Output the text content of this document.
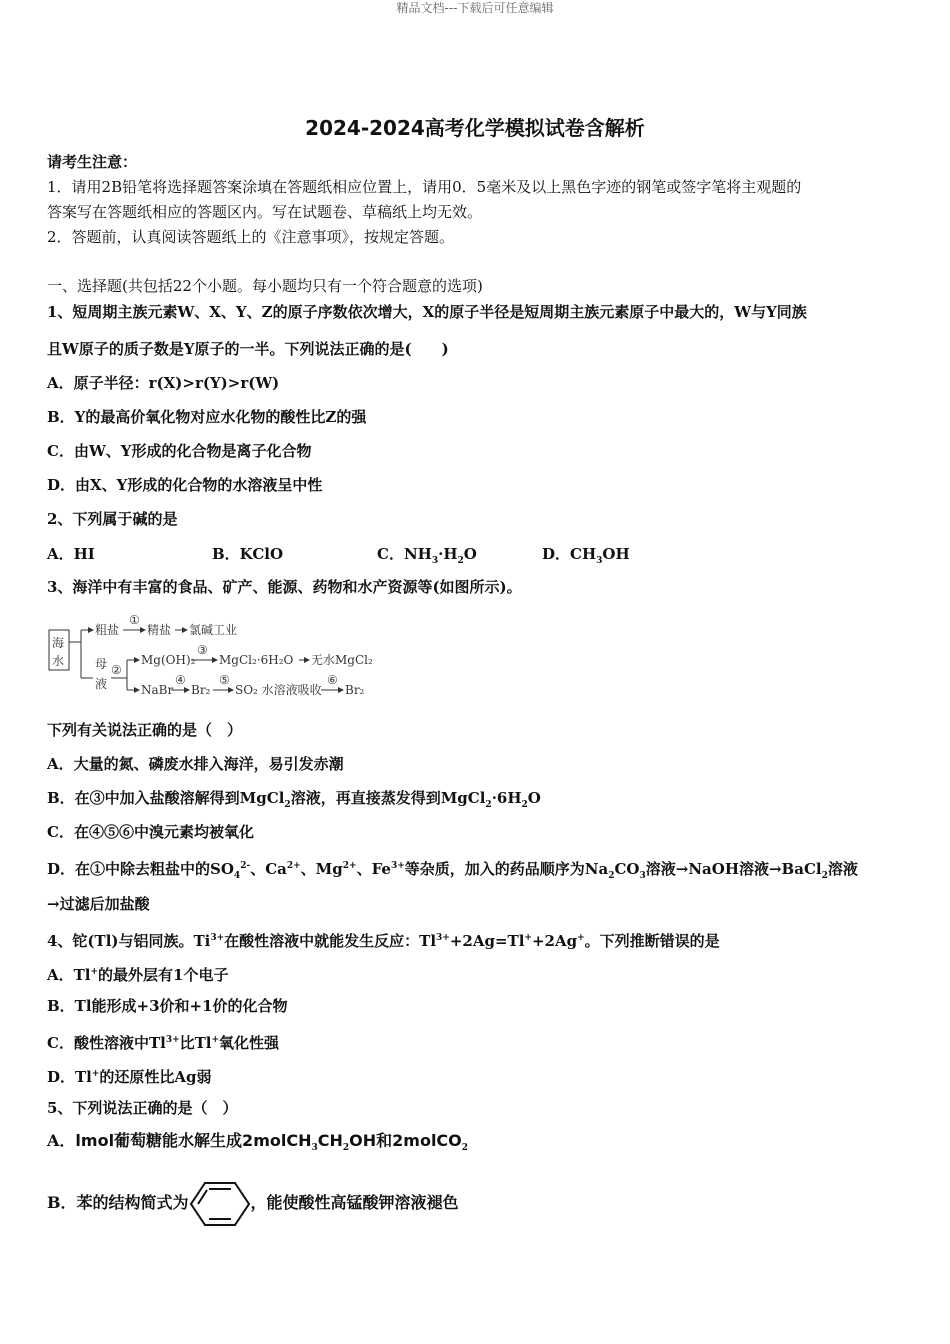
精品文档---下载后可任意编辑
2024-2024高考化学模拟试卷含解析
请考生注意：
1．请用2B铅笔将选择题答案涂填在答题纸相应位置上，请用0．5毫米及以上黑色字迹的钢笔或签字笔将主观题的
答案写在答题纸相应的答题区内。写在试题卷、草稿纸上均无效。
2．答题前，认真阅读答题纸上的《注意事项》，按规定答题。
一、选择题(共包括22个小题。每小题均只有一个符合题意的选项)
1、短周期主族元素W、X、Y、Z的原子序数依次增大，X的原子半径是短周期主族元素原子中最大的，W与Y同族
且W原子的质子数是Y原子的一半。下列说法正确的是(　　)
A．原子半径：r(X)>r(Y)>r(W)
B．Y的最高价氧化物对应水化物的酸性比Z的强
C．由W、Y形成的化合物是离子化合物
D．由X、Y形成的化合物的水溶液呈中性
2、下列属于碱的是
A．HI	B．KClO	C．$NH_3\cdot H_2O$	D．$CH_3OH$
3、海洋中有丰富的食品、矿产、能源、药物和水产资源等(如图所示)。
海
水
粗盐
①
精盐 氯碱工业
母
液
②
Mg(OH)₂
③
MgCl₂·6H₂O 无水MgCl₂
NaBr
④
Br₂
⑤
SO₂ 水溶液吸收
⑥
Br₂
下列有关说法正确的是（　）
A．大量的氮、磷废水排入海洋，易引发赤潮
B．在③中加入盐酸溶解得到MgCl$_2$溶液，再直接蒸发得到$MgCl_2\cdot 6H_2O$
C．在④⑤⑥中溴元素均被氧化
D．在①中除去粗盐中的$SO_4^{2-}$、$Ca^{2+}$、$Mg^{2+}$、$Fe^{3+}$等杂质，加入的药品顺序为$Na_2CO_3$溶液→NaOH溶液→BaCl$_2$溶液
→过滤后加盐酸
4、铊(Tl)与铝同族。$Ti^{3+}$在酸性溶液中就能发生反应：$Tl^{3+}+2Ag=Tl^++2Ag^+$。下列推断错误的是
A．Tl+的最外层有1个电子
B．Tl能形成+3价和+1价的化合物
C．酸性溶液中$Tl^{3+}$比Tl+氧化性强
D．Tl+的还原性比Ag弱
5、下列说法正确的是（　）
A．lmol葡萄糖能水解生成$2molCH_3CH_2OH$和2molCO$_2$
B．苯的结构简式为	，能使酸性高锰酸钾溶液褪色
